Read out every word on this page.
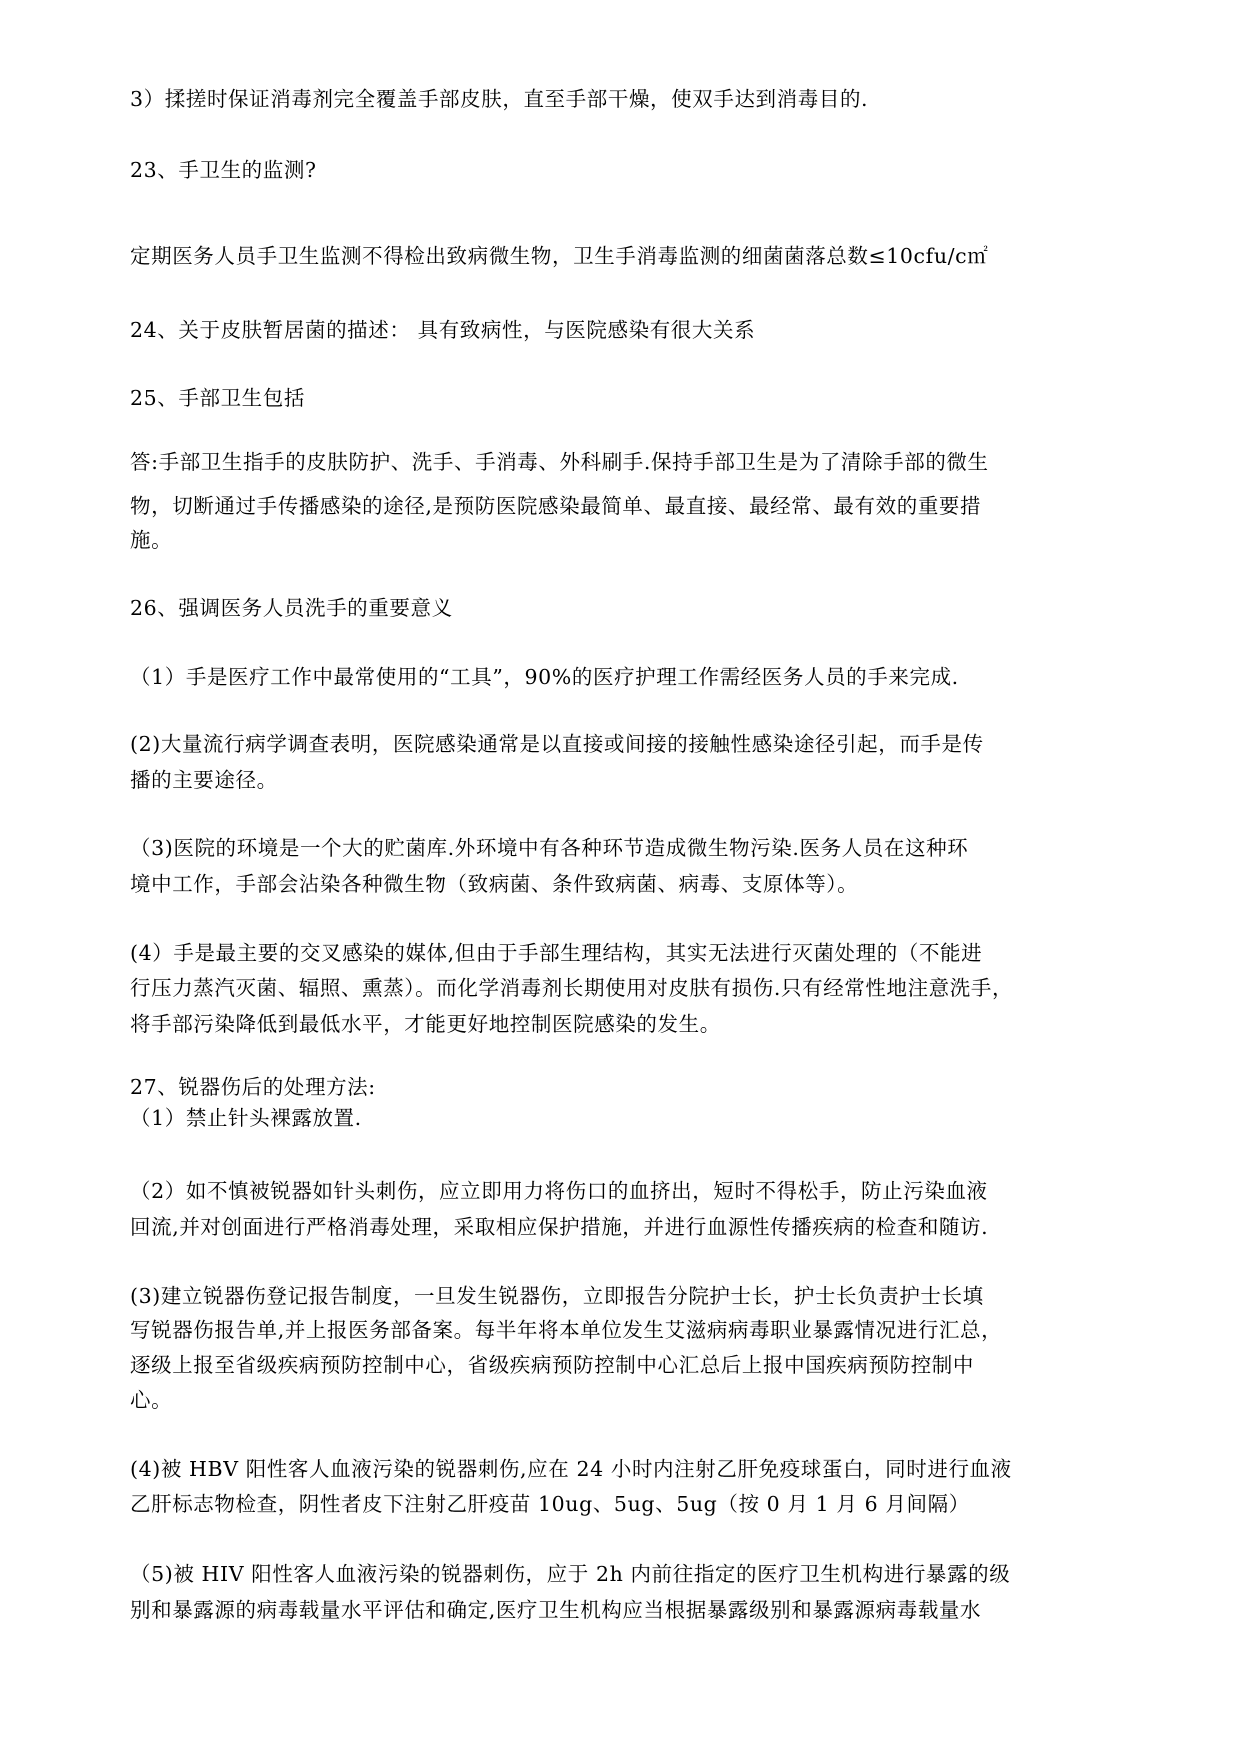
3）揉搓时保证消毒剂完全覆盖手部皮肤，直至手部干燥，使双手达到消毒目的.
23、手卫生的监测?
定期医务人员手卫生监测不得检出致病微生物，卫生手消毒监测的细菌菌落总数≤10cfu/c㎡
24、关于皮肤暂居菌的描述： 具有致病性，与医院感染有很大关系
25、手部卫生包括
答:手部卫生指手的皮肤防护、洗手、手消毒、外科刷手.保持手部卫生是为了清除手部的微生
物，切断通过手传播感染的途径,是预防医院感染最简单、最直接、最经常、最有效的重要措
施。
26、强调医务人员洗手的重要意义
（1）手是医疗工作中最常使用的“工具”，90%的医疗护理工作需经医务人员的手来完成.
(2)大量流行病学调查表明，医院感染通常是以直接或间接的接触性感染途径引起，而手是传
播的主要途径。
（3)医院的环境是一个大的贮菌库.外环境中有各种环节造成微生物污染.医务人员在这种环
境中工作，手部会沾染各种微生物（致病菌、条件致病菌、病毒、支原体等）。
(4）手是最主要的交叉感染的媒体,但由于手部生理结构，其实无法进行灭菌处理的（不能进
行压力蒸汽灭菌、辐照、熏蒸）。而化学消毒剂长期使用对皮肤有损伤.只有经常性地注意洗手，
将手部污染降低到最低水平，才能更好地控制医院感染的发生。
27、锐器伤后的处理方法:
（1）禁止针头裸露放置.
（2）如不慎被锐器如针头刺伤，应立即用力将伤口的血挤出，短时不得松手，防止污染血液
回流,并对创面进行严格消毒处理，采取相应保护措施，并进行血源性传播疾病的检查和随访.
(3)建立锐器伤登记报告制度，一旦发生锐器伤，立即报告分院护士长，护士长负责护士长填
写锐器伤报告单,并上报医务部备案。每半年将本单位发生艾滋病病毒职业暴露情况进行汇总，
逐级上报至省级疾病预防控制中心，省级疾病预防控制中心汇总后上报中国疾病预防控制中
心。
(4)被 HBV 阳性客人血液污染的锐器刺伤,应在 24 小时内注射乙肝免疫球蛋白，同时进行血液
乙肝标志物检查，阴性者皮下注射乙肝疫苗 10ug、5ug、5ug（按 0 月 1 月 6 月间隔）
（5)被 HIV 阳性客人血液污染的锐器刺伤，应于 2h 内前往指定的医疗卫生机构进行暴露的级
别和暴露源的病毒载量水平评估和确定,医疗卫生机构应当根据暴露级别和暴露源病毒载量水
